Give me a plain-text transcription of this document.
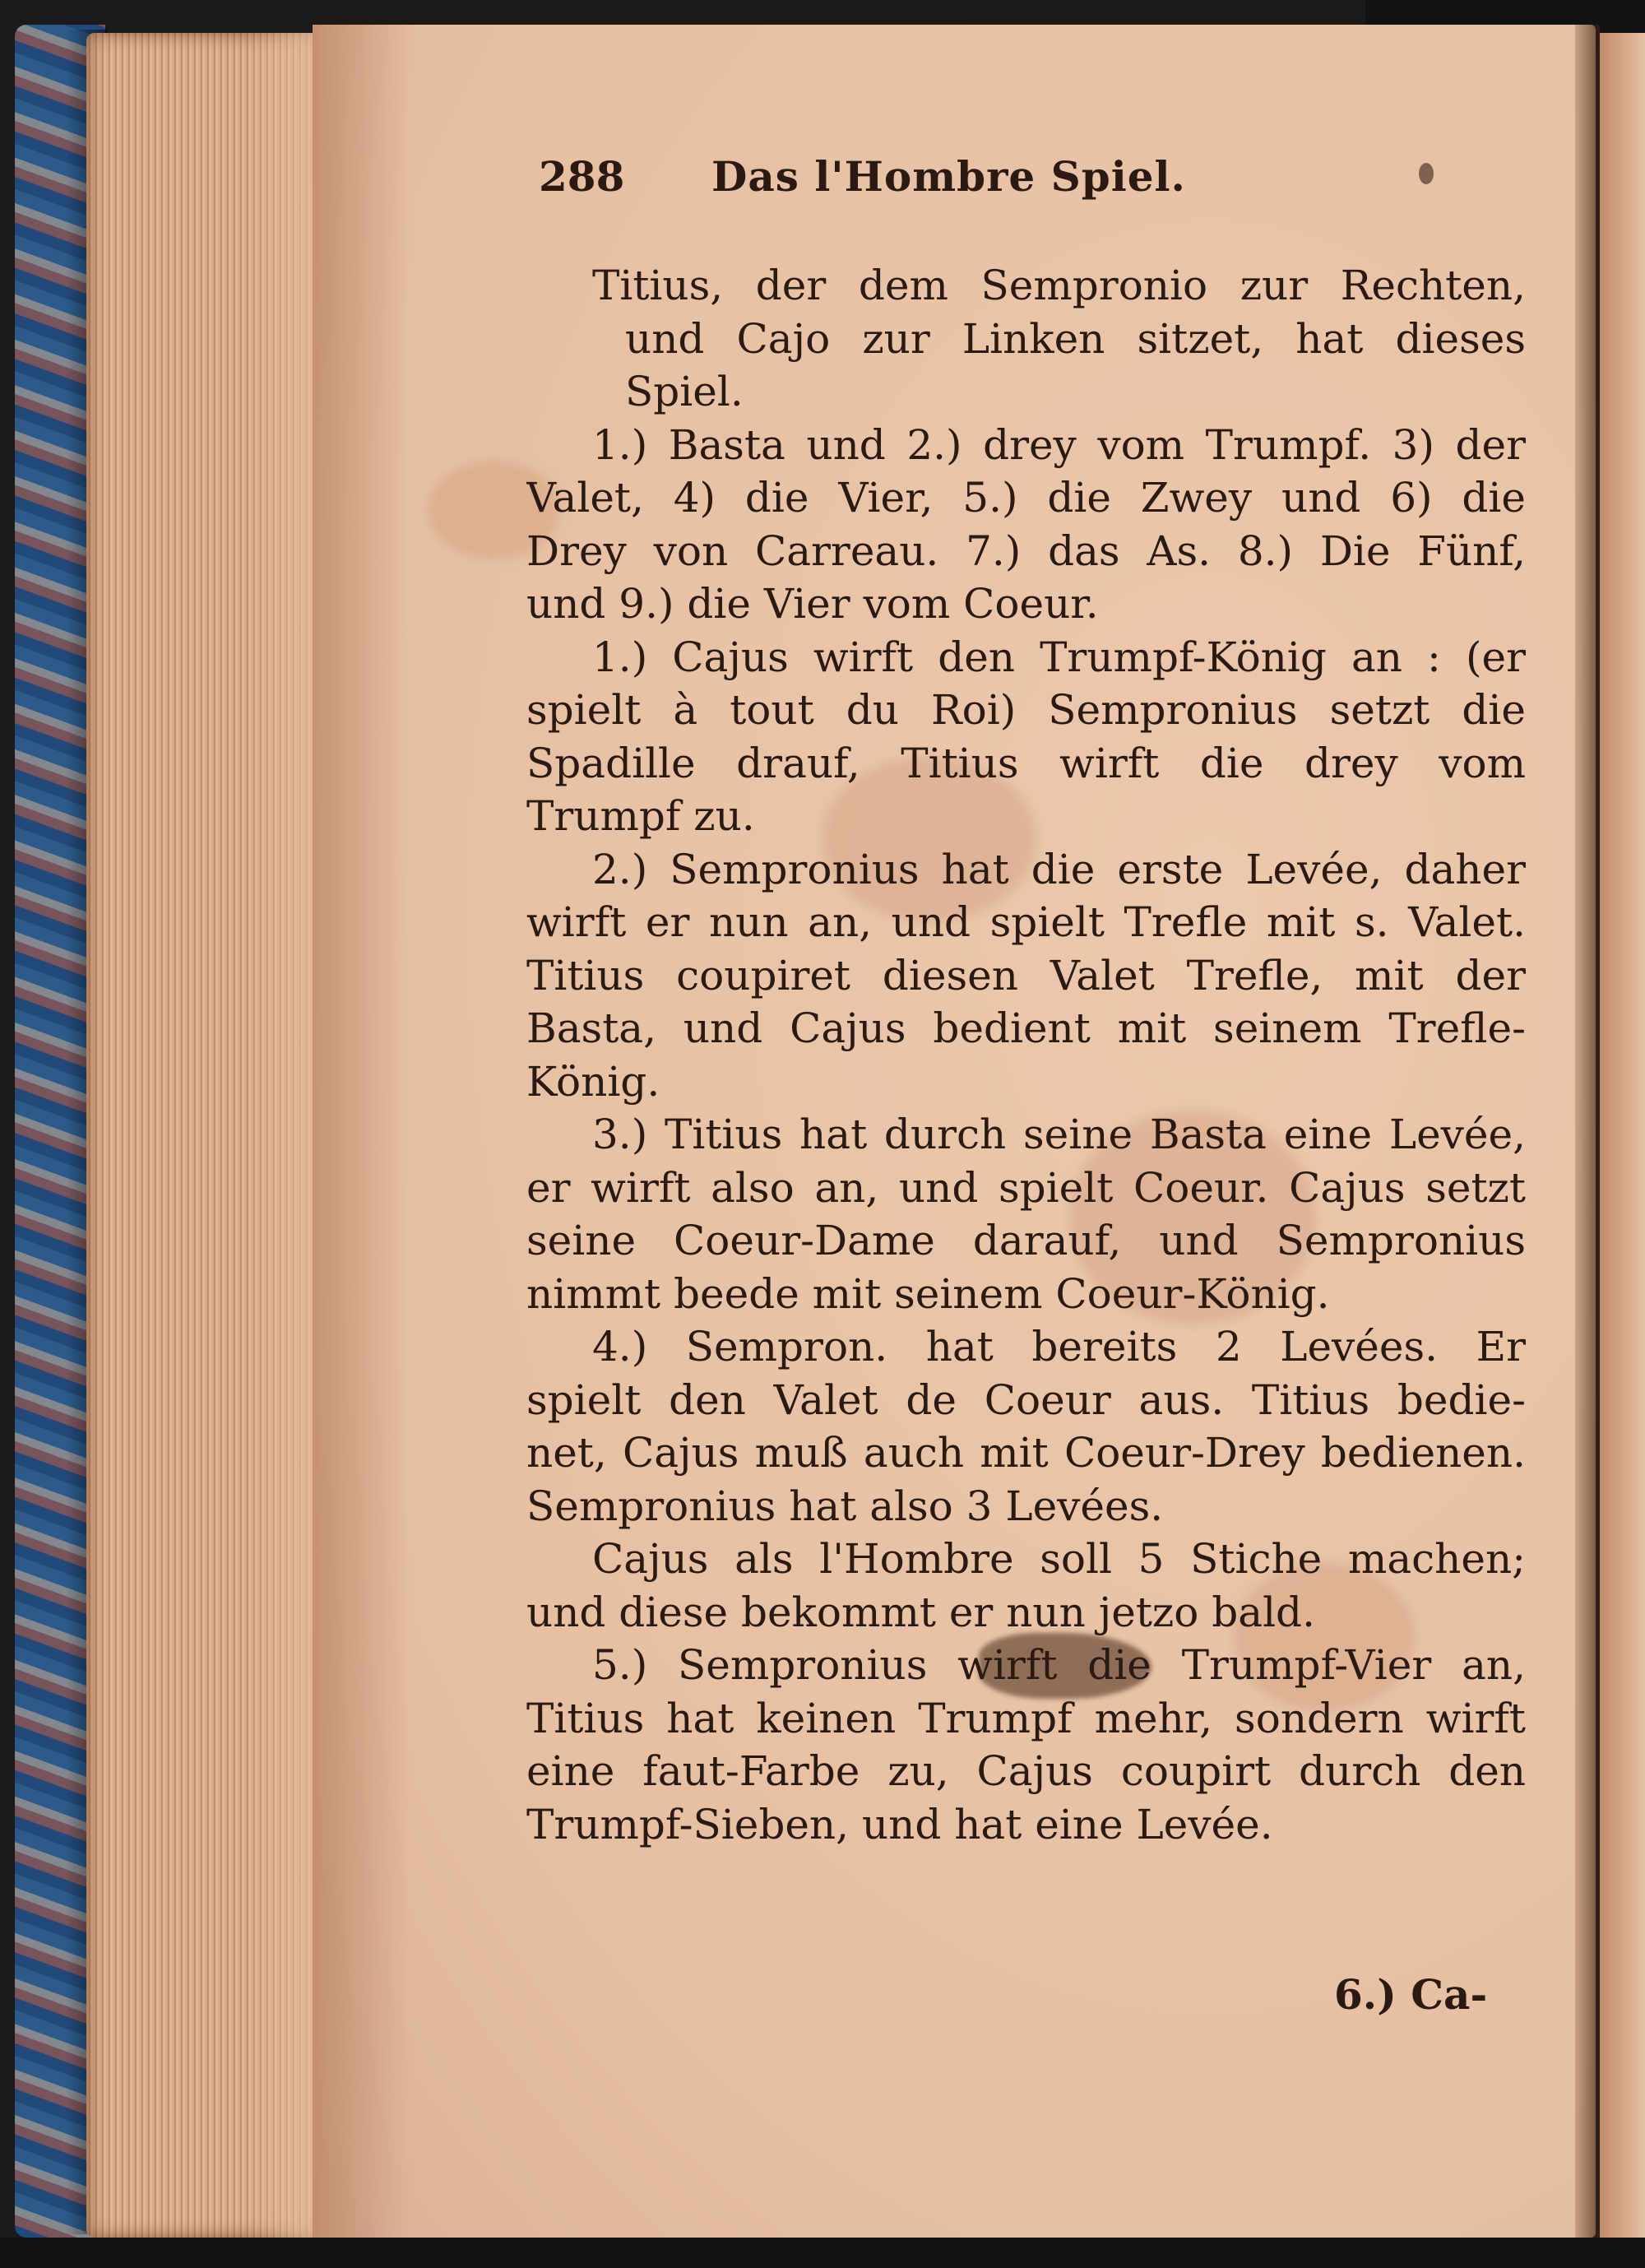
288	Das l'Hombre Spiel.
Titius, der dem Sempronio zur Rechten,
und Cajo zur Linken sitzet, hat dieses
Spiel.
1.) Basta und 2.) drey vom Trumpf. 3) der
Valet, 4) die Vier, 5.) die Zwey und 6) die
Drey von Carreau. 7.) das As. 8.) Die Fünf,
und 9.) die Vier vom Coeur.
1.) Cajus wirft den Trumpf-König an : (er
spielt à tout du Roi) Sempronius setzt die
Spadille drauf, Titius wirft die drey vom
Trumpf zu.
2.) Sempronius hat die erste Levée, daher
wirft er nun an, und spielt Trefle mit s. Valet.
Titius coupiret diesen Valet Trefle, mit der
Basta, und Cajus bedient mit seinem Trefle-
König.
3.) Titius hat durch seine Basta eine Levée,
er wirft also an, und spielt Coeur. Cajus setzt
seine Coeur-Dame darauf, und Sempronius
nimmt beede mit seinem Coeur-König.
4.) Sempron. hat bereits 2 Levées. Er
spielt den Valet de Coeur aus. Titius bedie-
net, Cajus muß auch mit Coeur-Drey bedienen.
Sempronius hat also 3 Levées.
Cajus als l'Hombre soll 5 Stiche machen;
und diese bekommt er nun jetzo bald.
5.) Sempronius wirft die Trumpf-Vier an,
Titius hat keinen Trumpf mehr, sondern wirft
eine faut-Farbe zu, Cajus coupirt durch den
Trumpf-Sieben, und hat eine Levée.
6.) Ca-
